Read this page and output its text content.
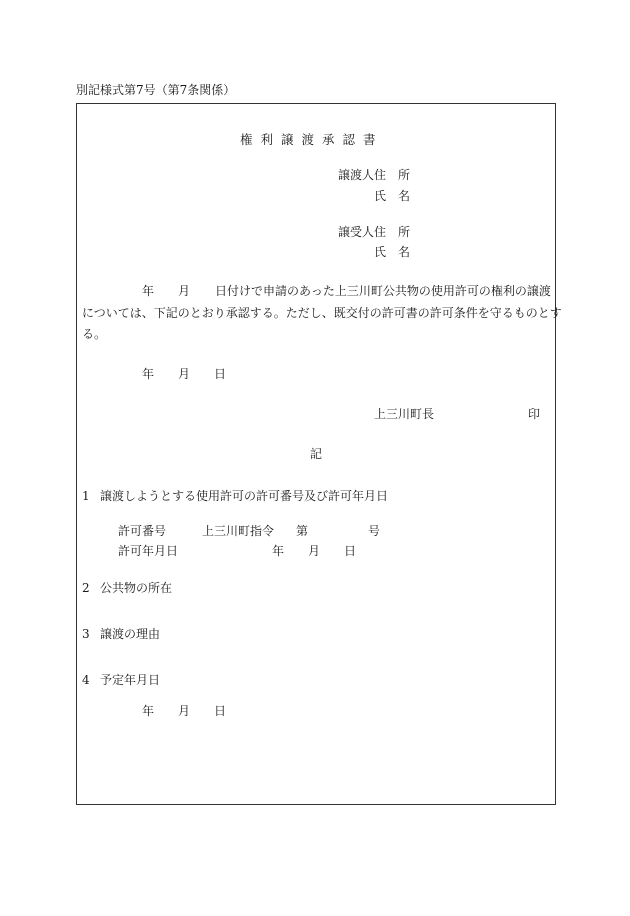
別記様式第7号（第7条関係）
権利譲渡承認書
譲渡人 住　所
氏　名
譲受人 住　所
氏　名
年 月 日付けで申請のあった上三川町公共物の使用許可の権利の譲渡
については、下記のとおり承認する。ただし、既交付の許可書の許可条件を守るものとす
る。
年 月 日
上三川町長	印
記
1 譲渡しようとする使用許可の許可番号及び許可年月日
許可番号	上三川町指令 第	号
許可年月日	年 月 日
2 公共物の所在
3 譲渡の理由
4 予定年月日
年 月 日
